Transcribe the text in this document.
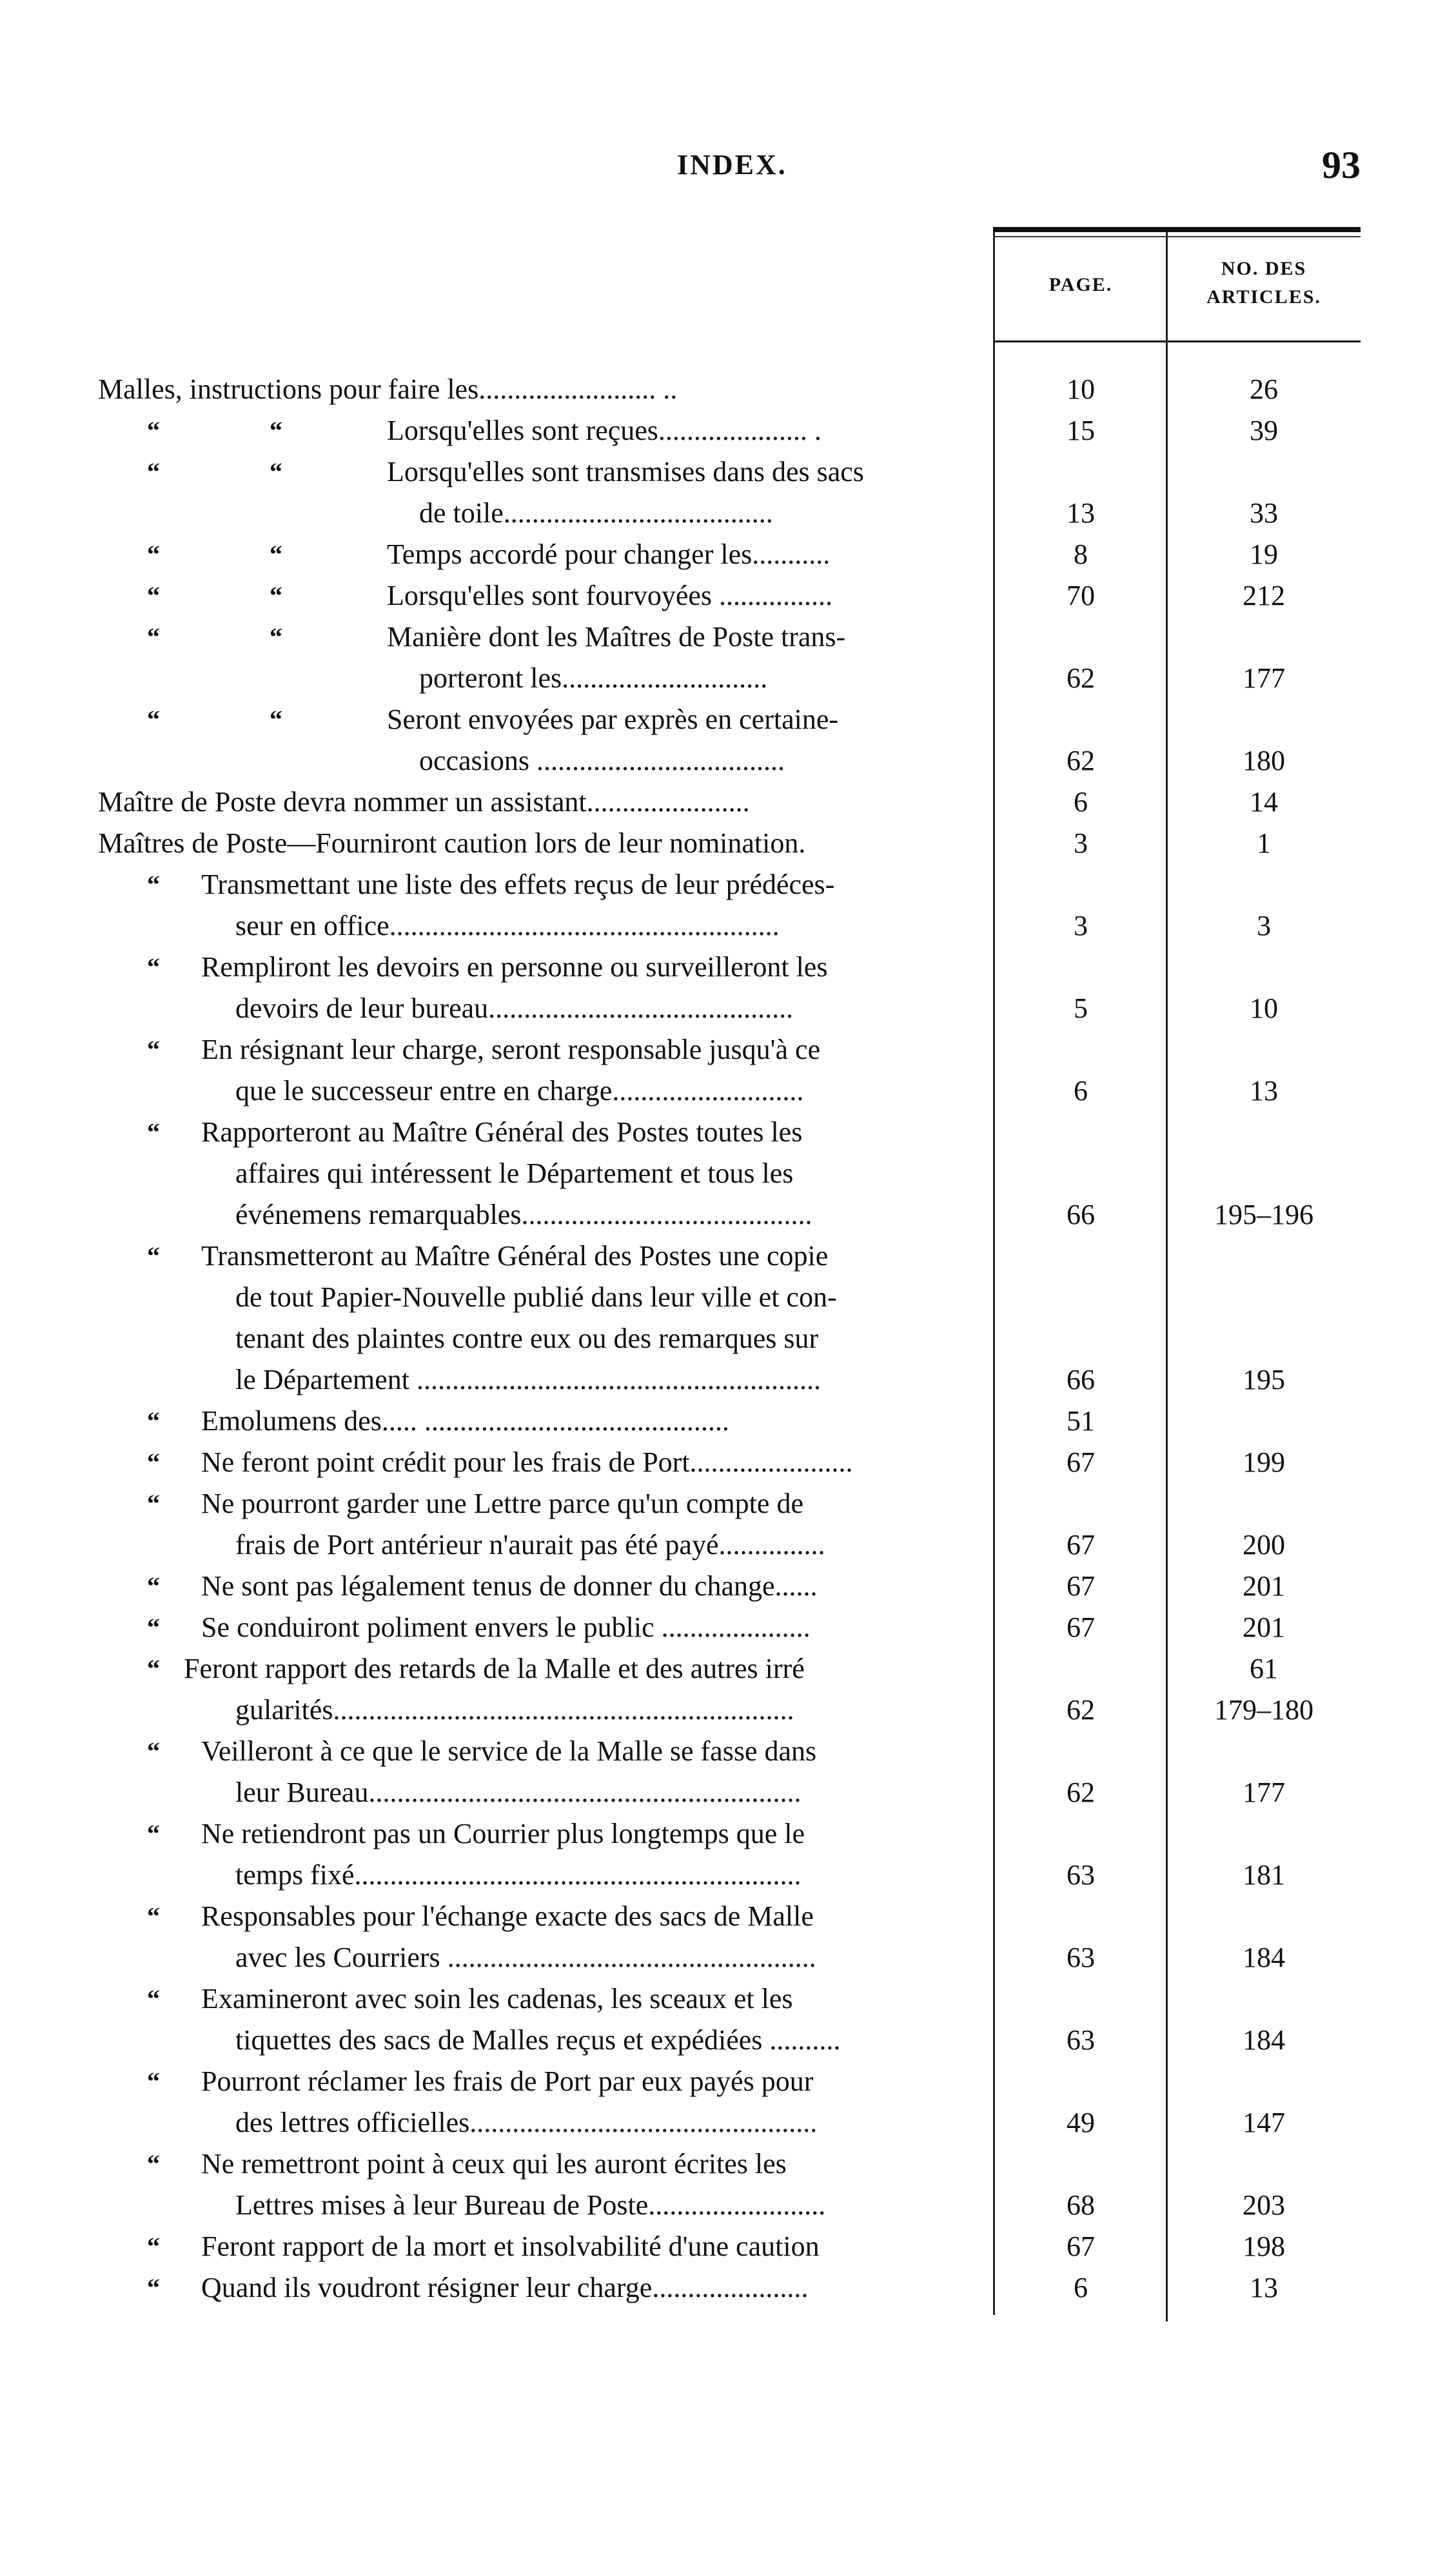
INDEX.	93
PAGE.
NO. DES
ARTICLES.
Malles, instructions pour faire les......................... ..	10	26
“	“	Lorsqu'elles sont reçues..................... .	15	39
“	“	Lorsqu'elles sont transmises dans des sacs
de toile......................................	13	33
“	“	Temps accordé pour changer les...........	8	19
“	“	Lorsqu'elles sont fourvoyées ................	70	212
“	“	Manière dont les Maîtres de Poste trans-
porteront les.............................	62	177
“	“	Seront envoyées par exprès en certaine-
occasions ...................................	62	180
Maître de Poste devra nommer un assistant.......................	6	14
Maîtres de Poste—Fourniront caution lors de leur nomination.	3	1
“ Transmettant une liste des effets reçus de leur prédéces-
seur en office.......................................................	3	3
“ Rempliront les devoirs en personne ou surveilleront les
devoirs de leur bureau...........................................	5	10
“ En résignant leur charge, seront responsable jusqu'à ce
que le successeur entre en charge...........................	6	13
“ Rapporteront au Maître Général des Postes toutes les
affaires qui intéressent le Département et tous les
événemens remarquables.........................................	66	195–196
“ Transmetteront au Maître Général des Postes une copie
de tout Papier-Nouvelle publié dans leur ville et con-
tenant des plaintes contre eux ou des remarques sur
le Département .........................................................	66	195
“ Emolumens des..... ...........................................	51
“ Ne feront point crédit pour les frais de Port.......................	67	199
“ Ne pourront garder une Lettre parce qu'un compte de
frais de Port antérieur n'aurait pas été payé...............	67	200
“ Ne sont pas légalement tenus de donner du change......	67	201
“ Se conduiront poliment envers le public .....................	67	201
“ Feront rapport des retards de la Malle et des autres irré	61
gularités.................................................................	62	179–180
“ Veilleront à ce que le service de la Malle se fasse dans
leur Bureau.............................................................	62	177
“ Ne retiendront pas un Courrier plus longtemps que le
temps fixé...............................................................	63	181
“ Responsables pour l'échange exacte des sacs de Malle
avec les Courriers ....................................................	63	184
“ Examineront avec soin les cadenas, les sceaux et les
tiquettes des sacs de Malles reçus et expédiées ..........	63	184
“ Pourront réclamer les frais de Port par eux payés pour
des lettres officielles.................................................	49	147
“ Ne remettront point à ceux qui les auront écrites les
Lettres mises à leur Bureau de Poste.........................	68	203
“ Feront rapport de la mort et insolvabilité d'une caution	67	198
“ Quand ils voudront résigner leur charge......................	6	13
